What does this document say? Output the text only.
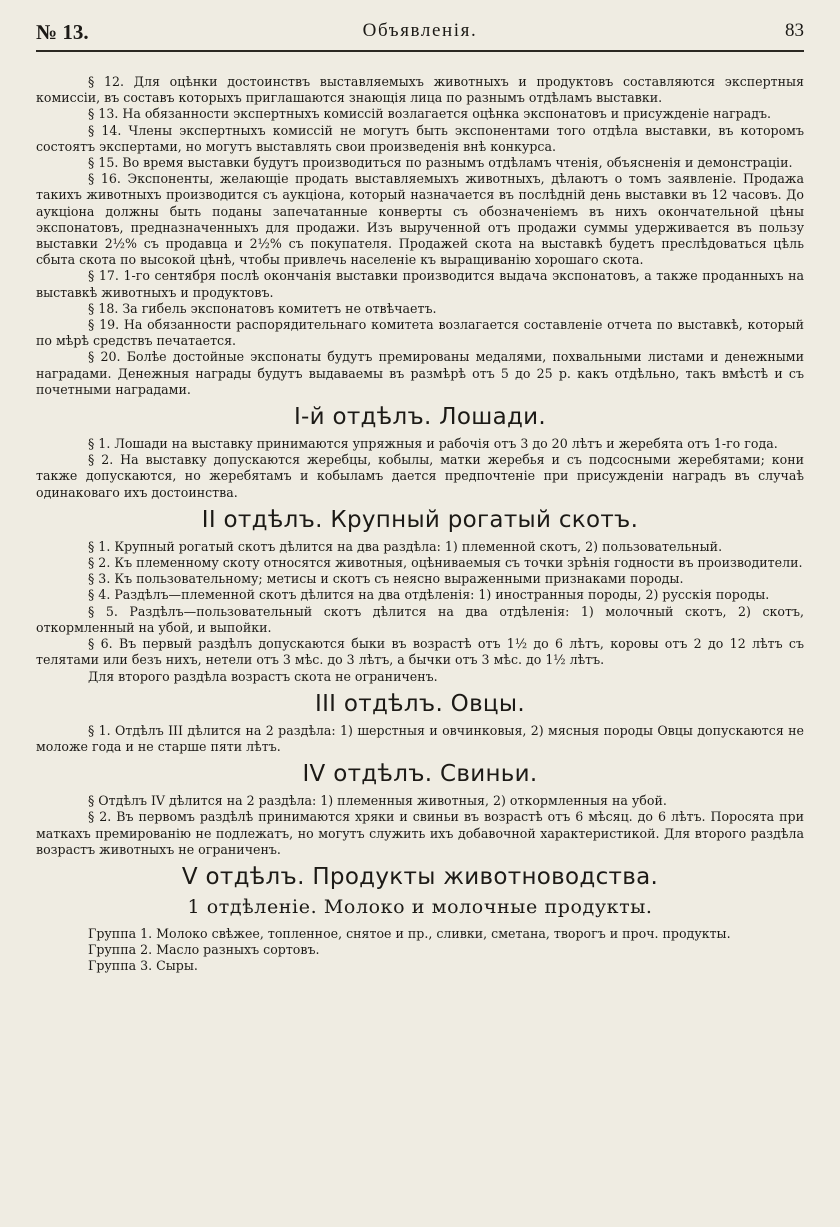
№ 13.	Объявленія.	83

§ 12. Для оцѣнки достоинствъ выставляемыхъ животныхъ и продуктовъ составляются экспертныя комиссіи, въ составъ которыхъ приглашаются знающія лица по разнымъ отдѣламъ выставки.

§ 13. На обязанности экспертныхъ комиссій возлагается оцѣнка экспонатовъ и присужденіе наградъ.

§ 14. Члены экспертныхъ комиссій не могутъ быть экспонентами того отдѣла выставки, въ которомъ состоятъ экспертами, но могутъ выставлять свои произведенія внѣ конкурса.

§ 15. Во время выставки будутъ производиться по разнымъ отдѣламъ чтенія, объясненія и демонстраціи.

§ 16. Экспоненты, желающіе продать выставляемыхъ животныхъ, дѣлаютъ о томъ заявленіе. Продажа такихъ животныхъ производится съ аукціона, который назначается въ послѣдній день выставки въ 12 часовъ. До аукціона должны быть поданы запечатанные конверты съ обозначеніемъ въ нихъ окончательной цѣны экспонатовъ, предназначенныхъ для продажи. Изъ вырученной отъ продажи суммы удерживается въ пользу выставки 2½% съ продавца и 2½% съ покупателя. Продажей скота на выставкѣ будетъ преслѣдоваться цѣль сбыта скота по высокой цѣнѣ, чтобы привлечь населеніе къ выращиванію хорошаго скота.

§ 17. 1-го сентября послѣ окончанія выставки производится выдача экспонатовъ, а также проданныхъ на выставкѣ животныхъ и продуктовъ.

§ 18. За гибель экспонатовъ комитетъ не отвѣчаетъ.

§ 19. На обязанности распорядительнаго комитета возлагается составленіе отчета по выставкѣ, который по мѣрѣ средствъ печатается.

§ 20. Болѣе достойные экспонаты будутъ премированы медалями, похвальными листами и денежными наградами. Денежныя награды будутъ выдаваемы въ размѣрѣ отъ 5 до 25 р. какъ отдѣльно, такъ вмѣстѣ и съ почетными наградами.

I-й отдѣлъ. Лошади.

§ 1. Лошади на выставку принимаются упряжныя и рабочія отъ 3 до 20 лѣтъ и жеребята отъ 1-го года.

§ 2. На выставку допускаются жеребцы, кобылы, матки жеребья и съ подсосными жеребятами; кони также допускаются, но жеребятамъ и кобыламъ дается предпочтеніе при присужденіи наградъ въ случаѣ одинаковаго ихъ достоинства.

II отдѣлъ. Крупный рогатый скотъ.

§ 1. Крупный рогатый скотъ дѣлится на два раздѣла: 1) племенной скотъ, 2) пользовательный.

§ 2. Къ племенному скоту относятся животныя, оцѣниваемыя съ точки зрѣнія годности въ производители.

§ 3. Къ пользовательному; метисы и скотъ съ неясно выраженными признаками породы.

§ 4. Раздѣлъ—племенной скотъ дѣлится на два отдѣленія: 1) иностранныя породы, 2) русскія породы.

§ 5. Раздѣлъ—пользовательный скотъ дѣлится на два отдѣленія: 1) молочный скотъ, 2) скотъ, откормленный на убой, и выпойки.

§ 6. Въ первый раздѣлъ допускаются быки въ возрастѣ отъ 1½ до 6 лѣтъ, коровы отъ 2 до 12 лѣтъ съ телятами или безъ нихъ, нетели отъ 3 мѣс. до 3 лѣтъ, а бычки отъ 3 мѣс. до 1½ лѣтъ.

Для второго раздѣла возрастъ скота не ограниченъ.

III отдѣлъ. Овцы.

§ 1. Отдѣлъ III дѣлится на 2 раздѣла: 1) шерстныя и овчинковыя, 2) мясныя породы Овцы допускаются не моложе года и не старше пяти лѣтъ.

IV отдѣлъ. Свиньи.

§ Отдѣлъ IV дѣлится на 2 раздѣла: 1) племенныя животныя, 2) откормленныя на убой.

§ 2. Въ первомъ раздѣлѣ принимаются хряки и свиньи въ возрастѣ отъ 6 мѣсяц. до 6 лѣтъ. Поросята при маткахъ премированію не подлежатъ, но могутъ служить ихъ добавочной характеристикой. Для второго раздѣла возрастъ животныхъ не ограниченъ.

V отдѣлъ. Продукты животноводства.
1 отдѣленіе. Молоко и молочные продукты.

Группа 1. Молоко свѣжее, топленное, снятое и пр., сливки, сметана, творогъ и проч. продукты.

Группа 2. Масло разныхъ сортовъ.

Группа 3. Сыры.
